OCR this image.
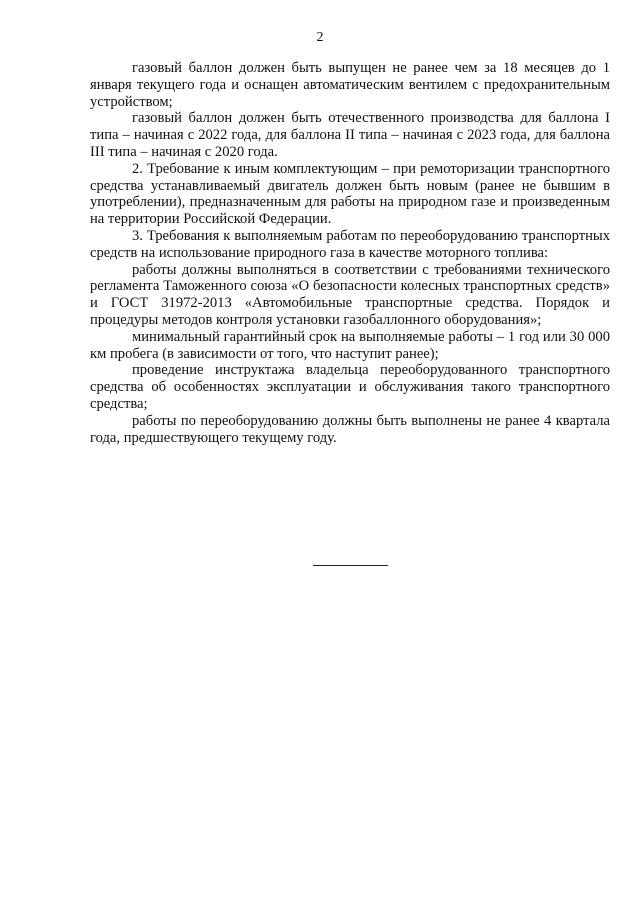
2

газовый баллон должен быть выпущен не ранее чем за 18 месяцев до 1 января текущего года и оснащен автоматическим вентилем с предохранительным устройством;

газовый баллон должен быть отечественного производства для баллона I типа – начиная с 2022 года, для баллона II типа – начиная с 2023 года, для баллона III типа – начиная с 2020 года.

2. Требование к иным комплектующим – при ремоторизации транспортного средства устанавливаемый двигатель должен быть новым (ранее не бывшим в употреблении), предназначенным для работы на природном газе и произведенным на территории Российской Федерации.

3. Требования к выполняемым работам по переоборудованию транспортных средств на использование природного газа в качестве моторного топлива:

работы должны выполняться в соответствии с требованиями технического регламента Таможенного союза «О безопасности колесных транспортных средств» и ГОСТ 31972-2013 «Автомобильные транспортные средства. Порядок и процедуры методов контроля установки газобаллонного оборудования»;

минимальный гарантийный срок на выполняемые работы – 1 год или 30 000 км пробега (в зависимости от того, что наступит ранее);

проведение инструктажа владельца переоборудованного транспортного средства об особенностях эксплуатации и обслуживания такого транспортного средства;

работы по переоборудованию должны быть выполнены не ранее 4 квартала года, предшествующего текущему году.
